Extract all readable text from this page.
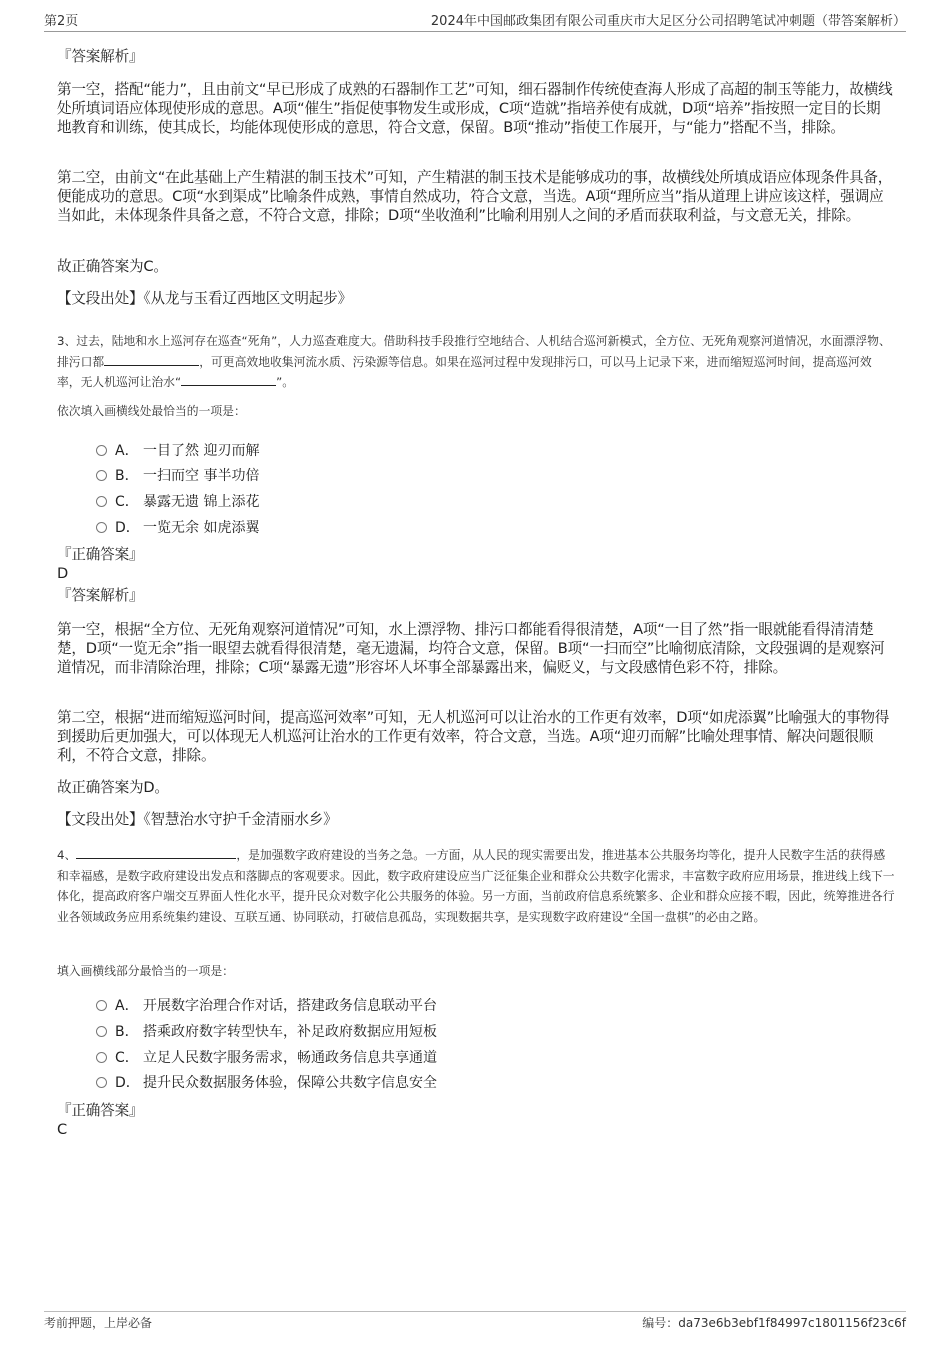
第2页	2024年中国邮政集团有限公司重庆市大足区分公司招聘笔试冲刺题（带答案解析）
『答案解析』
第一空，搭配“能力”，且由前文“早已形成了成熟的石器制作工艺”可知，细石器制作传统使查海人形成了高超的制玉等能力，故横线处所填词语应体现使形成的意思。A项“催生”指促使事物发生或形成，C项“造就”指培养使有成就，D项“培养”指按照一定目的长期地教育和训练，使其成长，均能体现使形成的意思，符合文意，保留。B项“推动”指使工作展开，与“能力”搭配不当，排除。
第二空，由前文“在此基础上产生精湛的制玉技术”可知，产生精湛的制玉技术是能够成功的事，故横线处所填成语应体现条件具备，便能成功的意思。C项“水到渠成”比喻条件成熟，事情自然成功，符合文意，当选。A项“理所应当”指从道理上讲应该这样，强调应当如此，未体现条件具备之意，不符合文意，排除；D项“坐收渔利”比喻利用别人之间的矛盾而获取利益，与文意无关，排除。
故正确答案为C。
【文段出处】《从龙与玉看辽西地区文明起步》
3、过去，陆地和水上巡河存在巡查“死角”，人力巡查难度大。借助科技手段推行空地结合、人机结合巡河新模式，全方位、无死角观察河道情况，水面漂浮物、排污口都	，可更高效地收集河流水质、污染源等信息。如果在巡河过程中发现排污口，可以马上记录下来，进而缩短巡河时间，提高巡河效率，无人机巡河让治水“	”。
依次填入画横线处最恰当的一项是：
A． 一目了然 迎刃而解
B． 一扫而空 事半功倍
C． 暴露无遗 锦上添花
D． 一览无余 如虎添翼
『正确答案』
D
『答案解析』
第一空，根据“全方位、无死角观察河道情况”可知，水上漂浮物、排污口都能看得很清楚，A项“一目了然”指一眼就能看得清清楚楚，D项“一览无余”指一眼望去就看得很清楚，毫无遗漏，均符合文意，保留。B项“一扫而空”比喻彻底清除，文段强调的是观察河道情况，而非清除治理，排除；C项“暴露无遗”形容坏人坏事全部暴露出来，偏贬义，与文段感情色彩不符，排除。
第二空，根据“进而缩短巡河时间，提高巡河效率”可知，无人机巡河可以让治水的工作更有效率，D项“如虎添翼”比喻强大的事物得到援助后更加强大，可以体现无人机巡河让治水的工作更有效率，符合文意，当选。A项“迎刃而解”比喻处理事情、解决问题很顺利，不符合文意，排除。
故正确答案为D。
【文段出处】《智慧治水守护千金清丽水乡》
4、	，是加强数字政府建设的当务之急。一方面，从人民的现实需要出发，推进基本公共服务均等化，提升人民数字生活的获得感和幸福感，是数字政府建设出发点和落脚点的客观要求。因此，数字政府建设应当广泛征集企业和群众公共数字化需求，丰富数字政府应用场景，推进线上线下一体化，提高政府客户端交互界面人性化水平，提升民众对数字化公共服务的体验。另一方面，当前政府信息系统繁多、企业和群众应接不暇，因此，统筹推进各行业各领域政务应用系统集约建设、互联互通、协同联动，打破信息孤岛，实现数据共享，是实现数字政府建设“全国一盘棋”的必由之路。
填入画横线部分最恰当的一项是：
A． 开展数字治理合作对话，搭建政务信息联动平台
B． 搭乘政府数字转型快车，补足政府数据应用短板
C． 立足人民数字服务需求，畅通政务信息共享通道
D． 提升民众数据服务体验，保障公共数字信息安全
『正确答案』
C
考前押题，上岸必备	编号：da73e6b3ebf1f84997c1801156f23c6f
